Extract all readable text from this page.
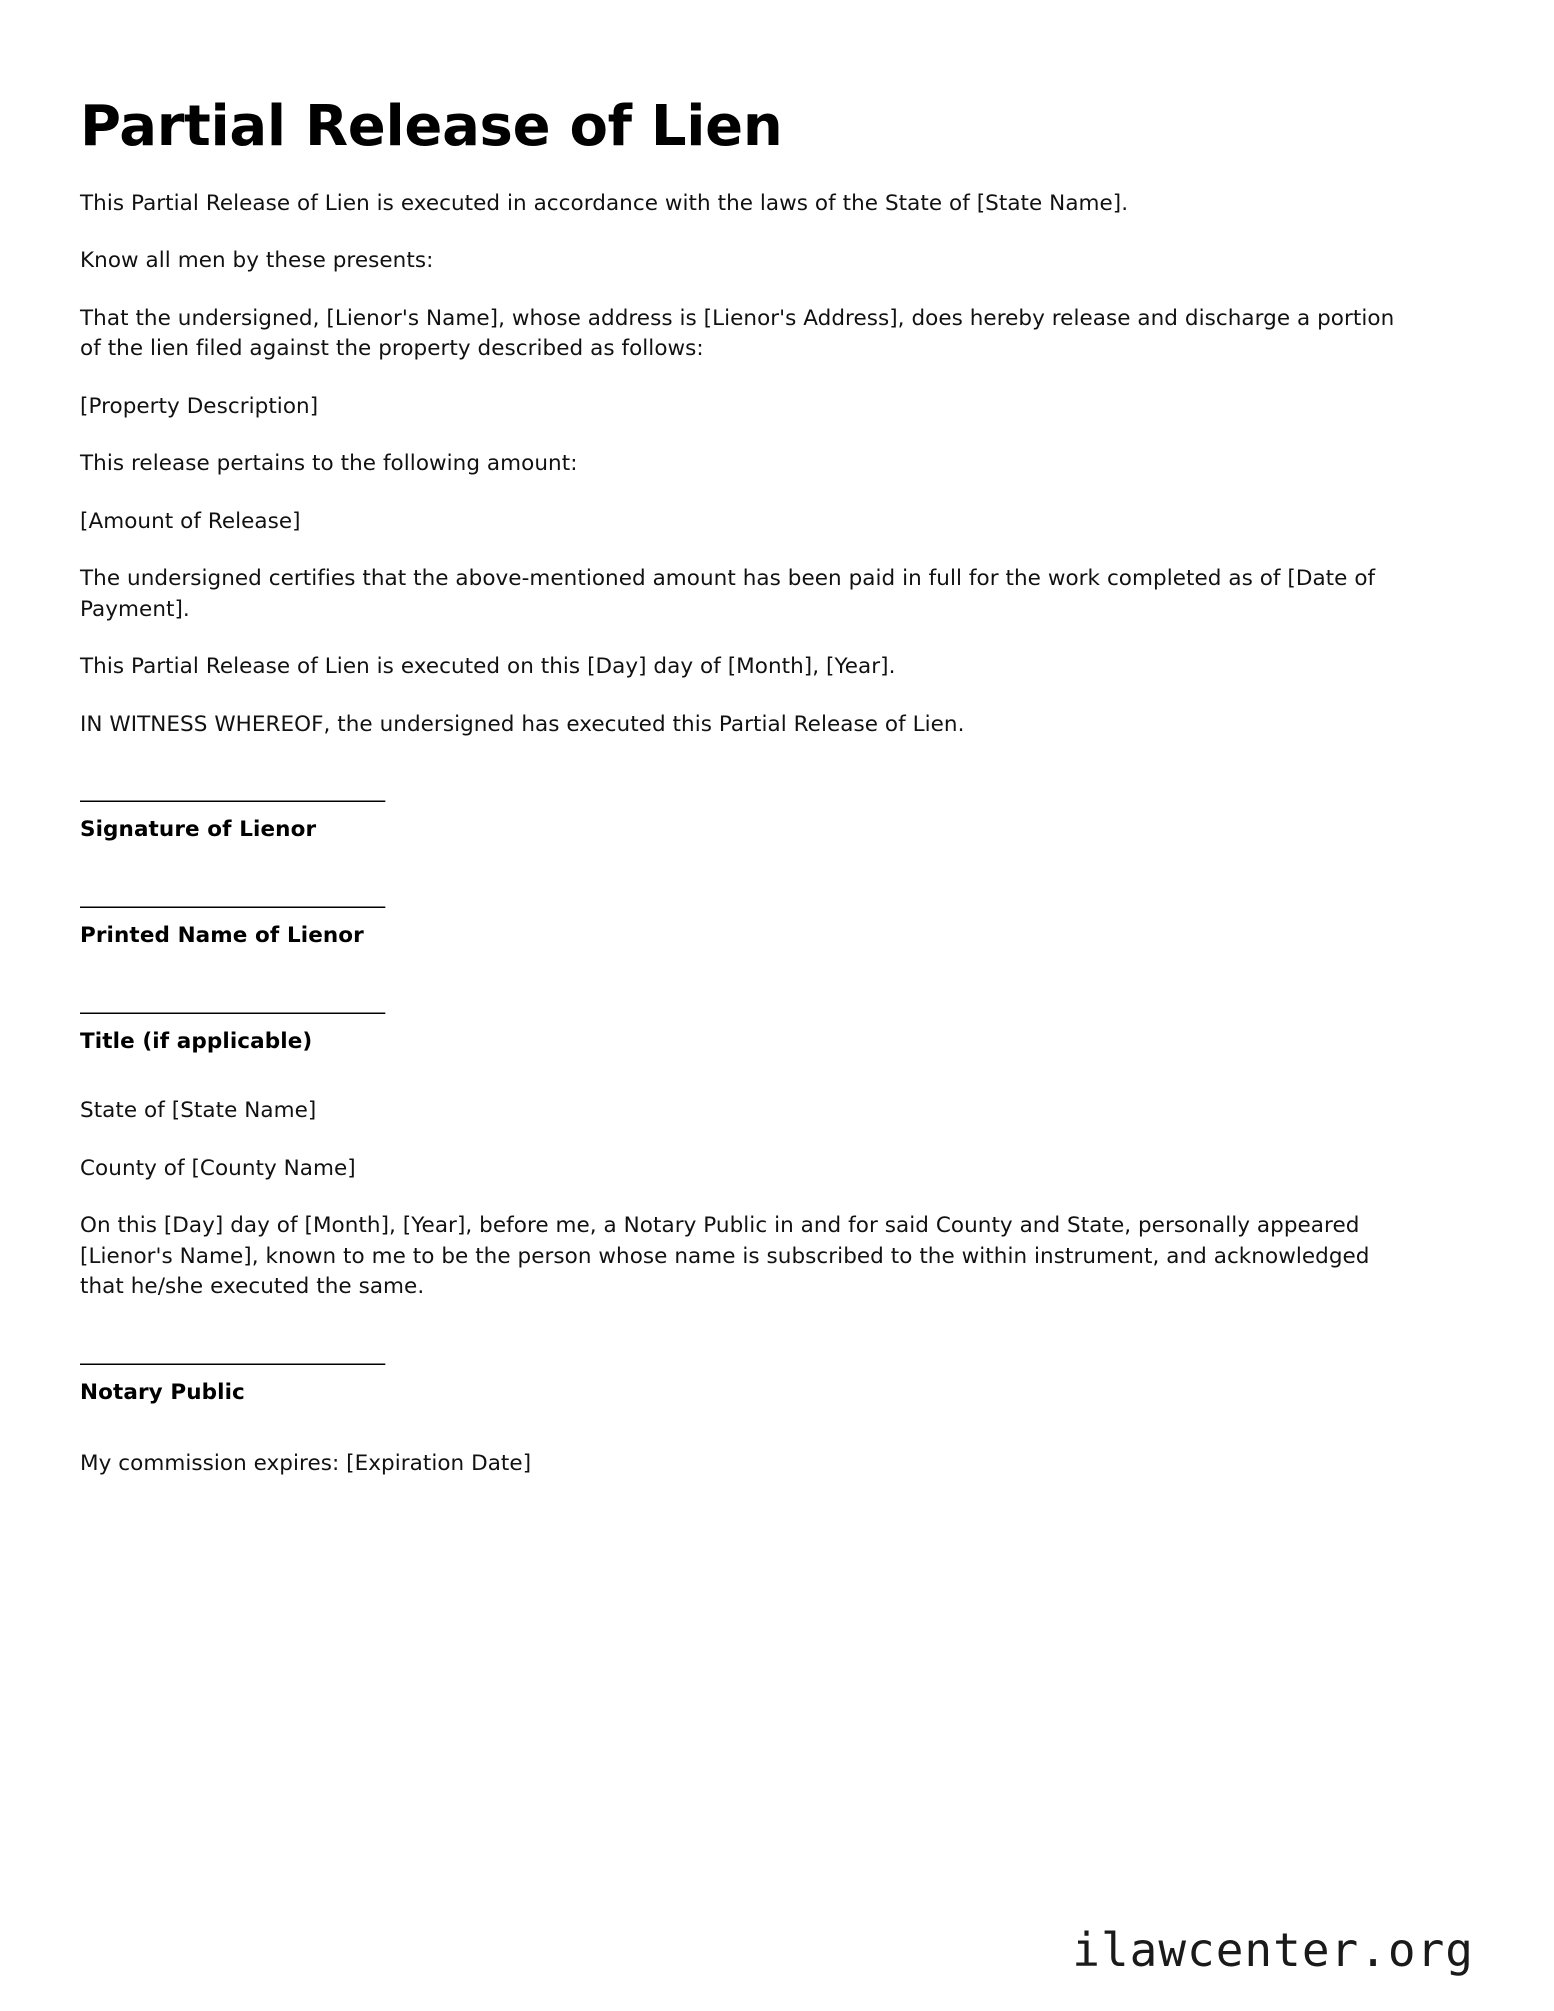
Partial Release of Lien

This Partial Release of Lien is executed in accordance with the laws of the State of [State Name].

Know all men by these presents:

That the undersigned, [Lienor's Name], whose address is [Lienor's Address], does hereby release and discharge a portion of the lien filed against the property described as follows:

[Property Description]

This release pertains to the following amount:

[Amount of Release]

The undersigned certifies that the above-mentioned amount has been paid in full for the work completed as of [Date of Payment].

This Partial Release of Lien is executed on this [Day] day of [Month], [Year].

IN WITNESS WHEREOF, the undersigned has executed this Partial Release of Lien.

______________________________
Signature of Lienor
______________________________
Printed Name of Lienor
______________________________
Title (if applicable)

State of [State Name]

County of [County Name]

On this [Day] day of [Month], [Year], before me, a Notary Public in and for said County and State, personally appeared [Lienor's Name], known to me to be the person whose name is subscribed to the within instrument, and acknowledged that he/she executed the same.

______________________________
Notary Public

My commission expires: [Expiration Date]

ilawcenter.org
